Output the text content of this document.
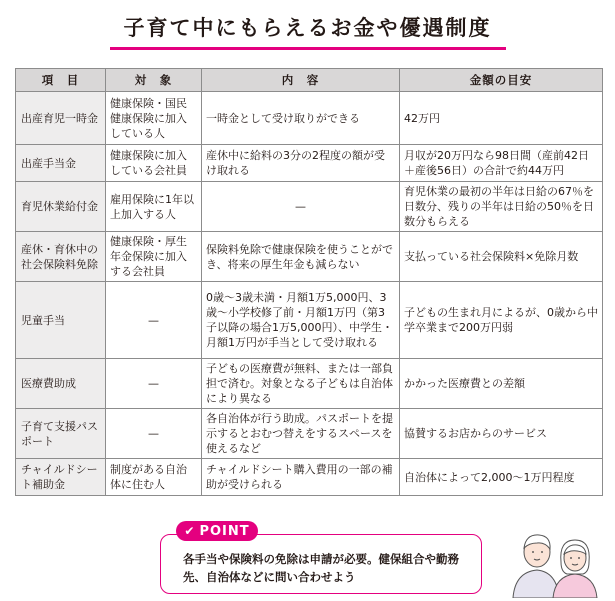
子育て中にもらえるお金や優遇制度
項　目	対　象	内　容	金額の目安
出産育児一時金	健康保険・国民健康保険に加入している人	一時金として受け取りができる	42万円
出産手当金	健康保険に加入している会社員	産休中に給料の3分の2程度の額が受け取れる	月収が20万円なら98日間（産前42日＋産後56日）の合計で約44万円
育児休業給付金	雇用保険に1年以上加入する人	—	育児休業の最初の半年は日給の67％を日数分、残りの半年は日給の50％を日数分もらえる
産休・育休中の社会保険料免除	健康保険・厚生年金保険に加入する会社員	保険料免除で健康保険を使うことができ、将来の厚生年金も減らない	支払っている社会保険料×免除月数
児童手当	—	0歳〜3歳未満・月額1万5,000円、3歳〜小学校修了前・月額1万円（第3子以降の場合1万5,000円）、中学生・月額1万円が手当として受け取れる	子どもの生まれ月によるが、0歳から中学卒業まで200万円弱
医療費助成	—	子どもの医療費が無料、または一部負担で済む。対象となる子どもは自治体により異なる	かかった医療費との差額
子育て支援パスポート	—	各自治体が行う助成。パスポートを提示するとおむつ替えをするスペースを使えるなど	協賛するお店からのサービス
チャイルドシート補助金	制度がある自治体に住む人	チャイルドシート購入費用の一部の補助が受けられる	自治体によって2,000〜1万円程度
✔ POINT
各手当や保険料の免除は申請が必要。健保組合や勤務先、自治体などに問い合わせよう
